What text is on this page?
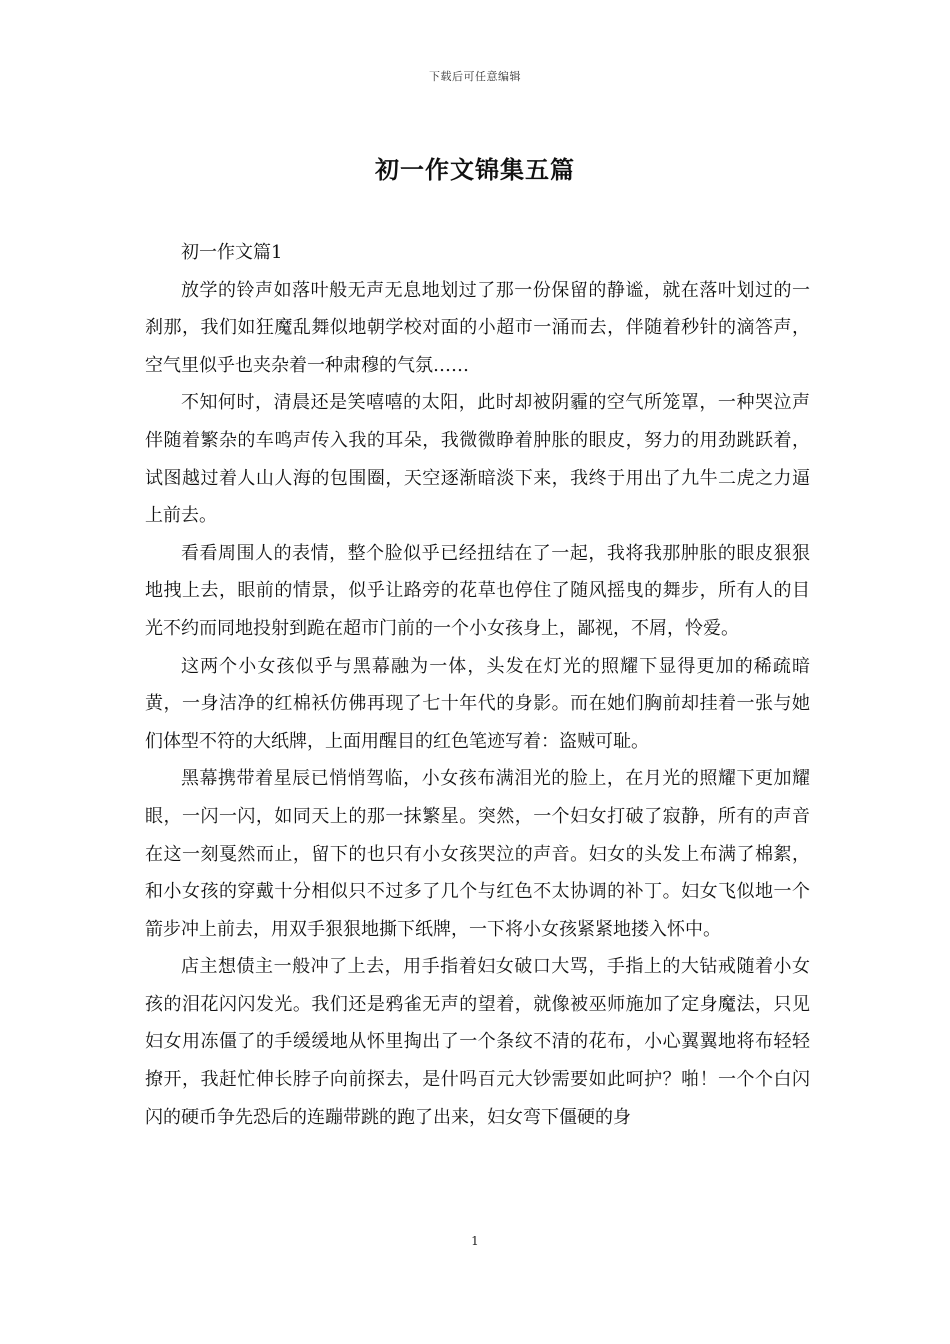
下载后可任意编辑
初一作文锦集五篇

初一作文篇1

放学的铃声如落叶般无声无息地划过了那一份保留的静谧，就在落叶划过的一刹那，我们如狂魔乱舞似地朝学校对面的小超市一涌而去，伴随着秒针的滴答声，空气里似乎也夹杂着一种肃穆的气氛……

不知何时，清晨还是笑嘻嘻的太阳，此时却被阴霾的空气所笼罩，一种哭泣声伴随着繁杂的车鸣声传入我的耳朵，我微微睁着肿胀的眼皮，努力的用劲跳跃着，试图越过着人山人海的包围圈，天空逐渐暗淡下来，我终于用出了九牛二虎之力逼上前去。

看看周围人的表情，整个脸似乎已经扭结在了一起，我将我那肿胀的眼皮狠狠地拽上去，眼前的情景，似乎让路旁的花草也停住了随风摇曳的舞步，所有人的目光不约而同地投射到跪在超市门前的一个小女孩身上，鄙视，不屑，怜爱。

这两个小女孩似乎与黑幕融为一体，头发在灯光的照耀下显得更加的稀疏暗黄，一身洁净的红棉袄仿佛再现了七十年代的身影。而在她们胸前却挂着一张与她们体型不符的大纸牌，上面用醒目的红色笔迹写着：盗贼可耻。

黑幕携带着星辰已悄悄驾临，小女孩布满泪光的脸上，在月光的照耀下更加耀眼，一闪一闪，如同天上的那一抹繁星。突然，一个妇女打破了寂静，所有的声音在这一刻戛然而止，留下的也只有小女孩哭泣的声音。妇女的头发上布满了棉絮，和小女孩的穿戴十分相似只不过多了几个与红色不太协调的补丁。妇女飞似地一个箭步冲上前去，用双手狠狠地撕下纸牌，一下将小女孩紧紧地搂入怀中。

店主想债主一般冲了上去，用手指着妇女破口大骂，手指上的大钻戒随着小女孩的泪花闪闪发光。我们还是鸦雀无声的望着，就像被巫师施加了定身魔法，只见妇女用冻僵了的手缓缓地从怀里掏出了一个条纹不清的花布，小心翼翼地将布轻轻撩开，我赶忙伸长脖子向前探去，是什吗百元大钞需要如此呵护？啪！一个个白闪闪的硬币争先恐后的连蹦带跳的跑了出来，妇女弯下僵硬的身

1
